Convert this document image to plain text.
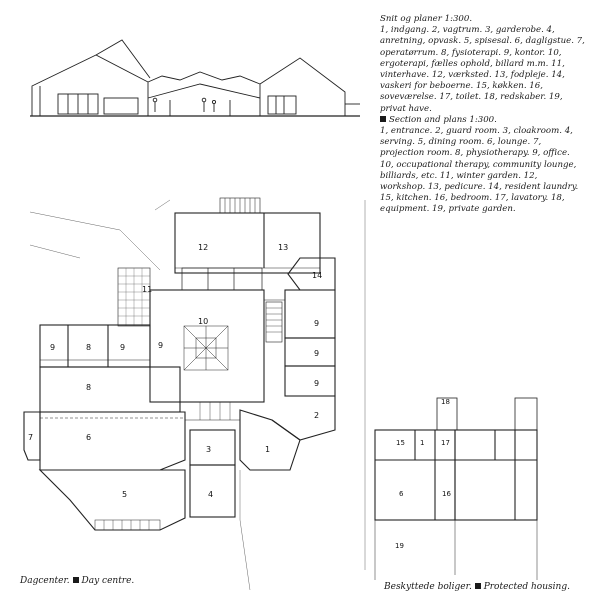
12	13
14
11
10	9
9
9
2
9	8	9	9
8
7	6
3	1
4
5
18
15 1 17
6	16
19

Snit og planer 1:300.

1, indgang. 2, vagtrum. 3, garderobe. 4, anretning, opvask. 5, spisesal. 6, dagligstue. 7, operatørrum. 8, fysioterapi. 9, kontor. 10, ergoterapi, fælles ophold, billard m.m. 11, vinterhave. 12, værksted. 13, fodpleje. 14, vaskeri for beboerne. 15, køkken. 16, soveværelse. 17, toilet. 18, redskaber. 19, privat have.

Section and plans 1:300.

1, entrance. 2, guard room. 3, cloakroom. 4, serving. 5, dining room. 6, lounge. 7, projection room. 8, physiotherapy. 9, office. 10, occupational therapy, community lounge, billiards, etc. 11, winter garden. 12, workshop. 13, pedicure. 14, resident laundry. 15, kitchen. 16, bedroom. 17, lavatory. 18, equipment. 19, private garden.

Dagcenter. Day centre.
Beskyttede boliger. Protected housing.
